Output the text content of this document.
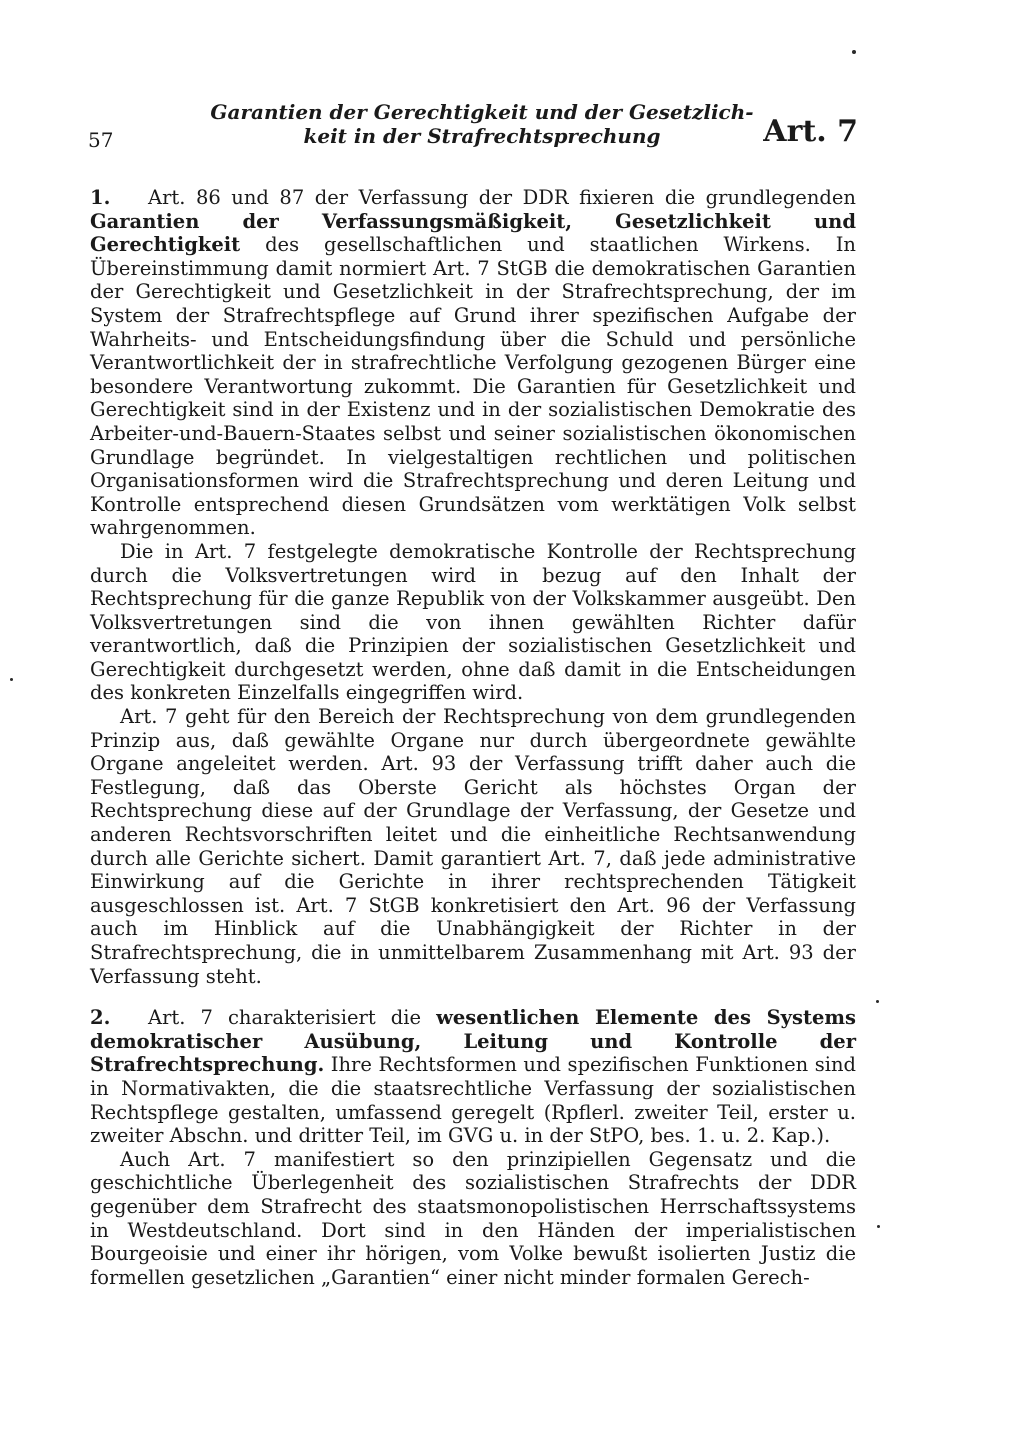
57
Garantien der Gerechtigkeit und der Gesetzlich-
keit in der Strafrechtsprechung	Art. 7

1. Art. 86 und 87 der Verfassung der DDR fixieren die grundlegenden Garantien der Verfassungsmäßigkeit, Gesetzlichkeit und Gerechtigkeit des gesellschaftlichen und staatlichen Wirkens. In Übereinstimmung damit normiert Art. 7 StGB die demokratischen Garantien der Gerechtigkeit und Gesetzlichkeit in der Strafrechtsprechung, der im System der Strafrechtspflege auf Grund ihrer spezifischen Aufgabe der Wahrheits- und Entscheidungsfindung über die Schuld und persönliche Verantwortlichkeit der in strafrechtliche Verfolgung gezogenen Bürger eine besondere Verantwortung zukommt. Die Garantien für Gesetzlichkeit und Gerechtigkeit sind in der Existenz und in der sozialistischen Demokratie des Arbeiter-und-Bauern-Staates selbst und seiner sozialistischen ökonomischen Grundlage begründet. In vielgestaltigen rechtlichen und politischen Organisationsformen wird die Strafrechtsprechung und deren Leitung und Kontrolle entsprechend diesen Grundsätzen vom werktätigen Volk selbst wahrgenommen.

Die in Art. 7 festgelegte demokratische Kontrolle der Rechtsprechung durch die Volksvertretungen wird in bezug auf den Inhalt der Rechtsprechung für die ganze Republik von der Volkskammer ausgeübt. Den Volksvertretungen sind die von ihnen gewählten Richter dafür verantwortlich, daß die Prinzipien der sozialistischen Gesetzlichkeit und Gerechtigkeit durchgesetzt werden, ohne daß damit in die Entscheidungen des konkreten Einzelfalls eingegriffen wird.

Art. 7 geht für den Bereich der Rechtsprechung von dem grundlegenden Prinzip aus, daß gewählte Organe nur durch übergeordnete gewählte Organe angeleitet werden. Art. 93 der Verfassung trifft daher auch die Festlegung, daß das Oberste Gericht als höchstes Organ der Rechtsprechung diese auf der Grundlage der Verfassung, der Gesetze und anderen Rechtsvorschriften leitet und die einheitliche Rechtsanwendung durch alle Gerichte sichert. Damit garantiert Art. 7, daß jede administrative Einwirkung auf die Gerichte in ihrer rechtsprechenden Tätigkeit ausgeschlossen ist. Art. 7 StGB konkretisiert den Art. 96 der Verfassung auch im Hinblick auf die Unabhängigkeit der Richter in der Strafrechtsprechung, die in unmittelbarem Zusammenhang mit Art. 93 der Verfassung steht.

2. Art. 7 charakterisiert die wesentlichen Elemente des Systems demokratischer Ausübung, Leitung und Kontrolle der Strafrechtsprechung. Ihre Rechtsformen und spezifischen Funktionen sind in Normativakten, die die staatsrechtliche Verfassung der sozialistischen Rechtspflege gestalten, umfassend geregelt (Rpflerl. zweiter Teil, erster u. zweiter Abschn. und dritter Teil, im GVG u. in der StPO, bes. 1. u. 2. Kap.).

Auch Art. 7 manifestiert so den prinzipiellen Gegensatz und die geschichtliche Überlegenheit des sozialistischen Strafrechts der DDR gegenüber dem Strafrecht des staatsmonopolistischen Herrschaftssystems in Westdeutschland. Dort sind in den Händen der imperialistischen Bourgeoisie und einer ihr hörigen, vom Volke bewußt isolierten Justiz die formellen gesetzlichen „Garantien“ einer nicht minder formalen Gerech-
